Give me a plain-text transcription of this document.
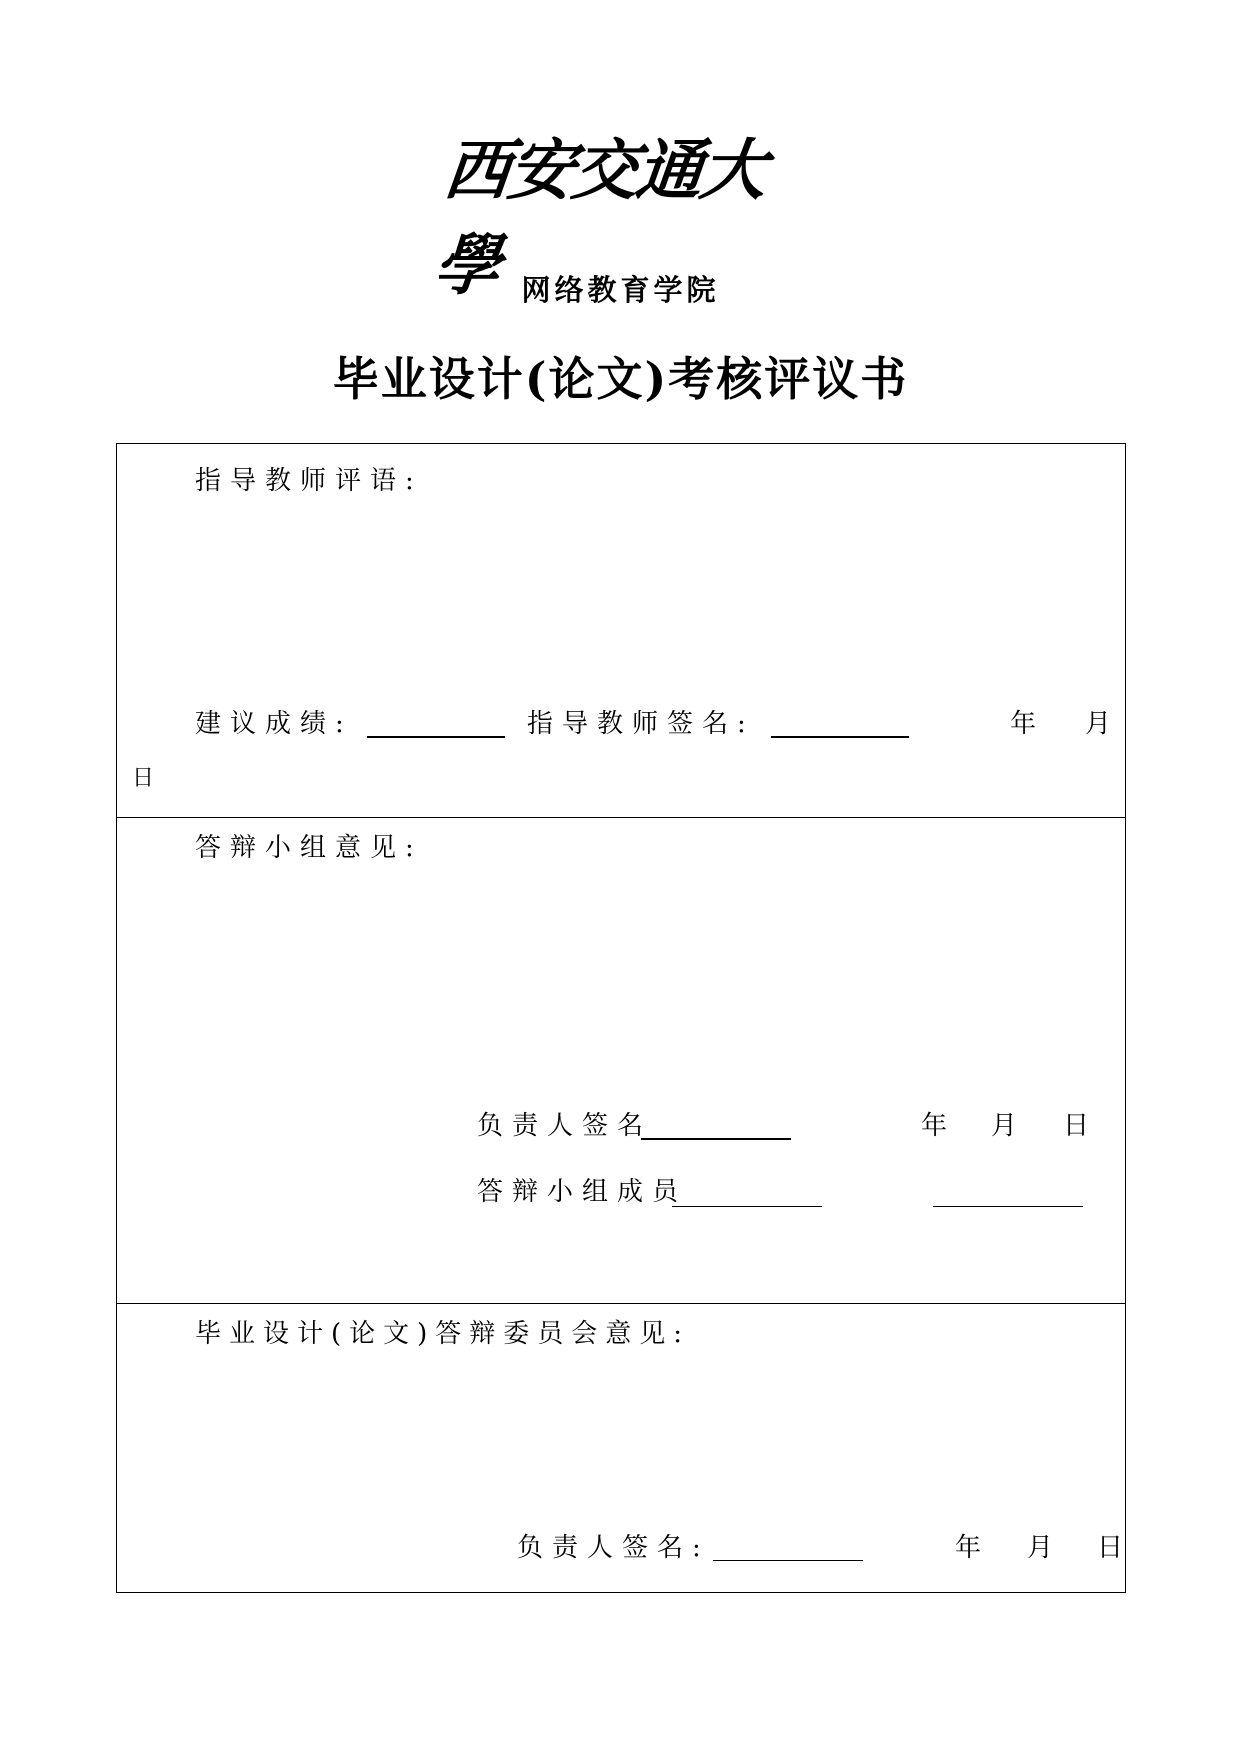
西安交通大學 网络教育学院
毕业设计(论文)考核评议书
指导教师评语:
建议成绩:	指导教师签名:	年 月
日
答辩小组意见:
负责人签名	年 月 日
答辩小组成员
毕业设计(论文)答辩委员会意见:
负责人签名:	年 月 日
